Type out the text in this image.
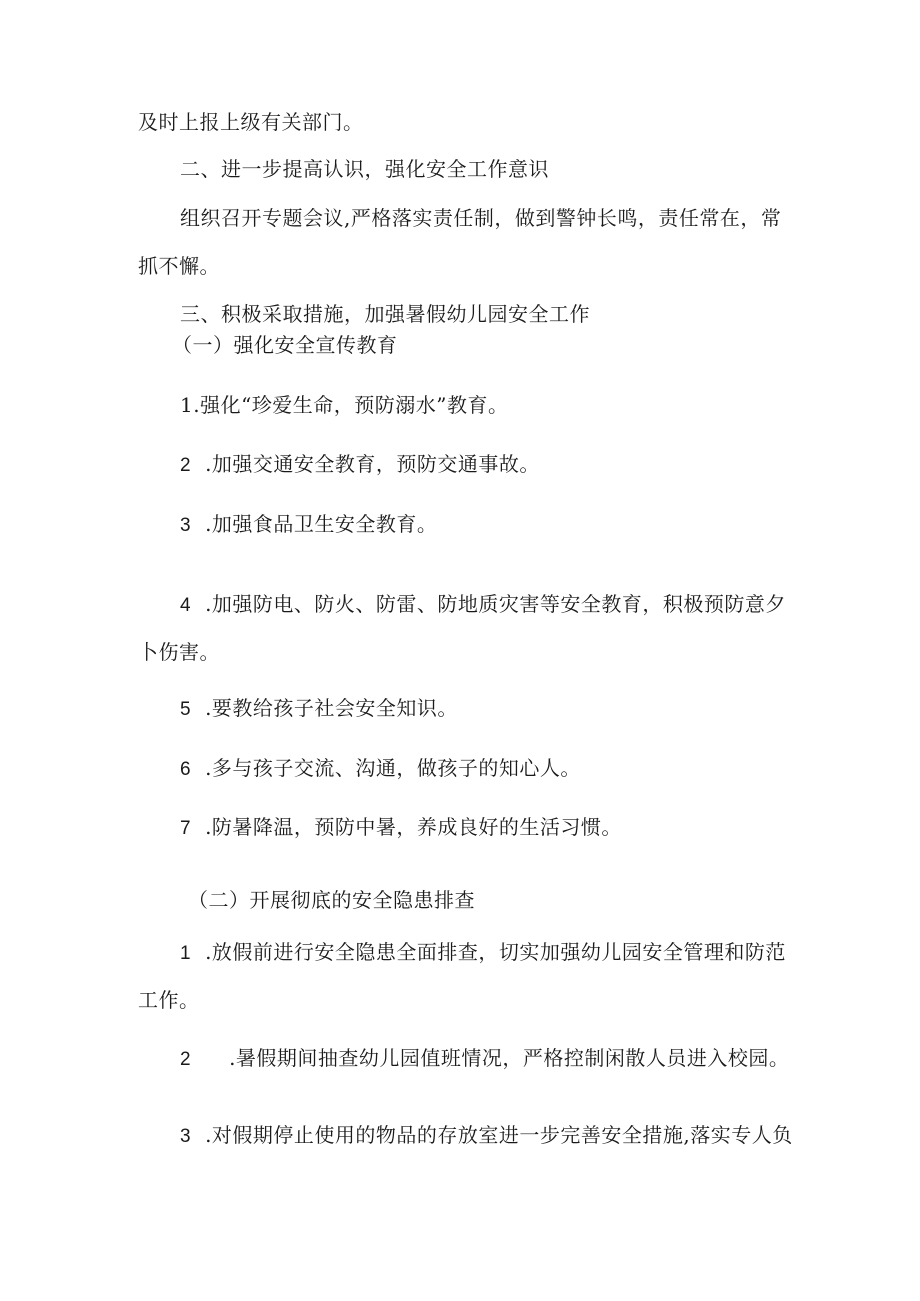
及时上报上级有关部门。
二、进一步提高认识，强化安全工作意识
组织召开专题会议,严格落实责任制，做到警钟长鸣，责任常在，常
抓不懈。
三、积极采取措施，加强暑假幼儿园安全工作
（一）强化安全宣传教育
1.强化“珍爱生命，预防溺水”教育。
2 .加强交通安全教育，预防交通事故。
3 .加强食品卫生安全教育。
4 .加强防电、防火、防雷、防地质灾害等安全教育，积极预防意夕
卜伤害。
5 .要教给孩子社会安全知识。
6 .多与孩子交流、沟通，做孩子的知心人。
7 .防暑降温，预防中暑，养成良好的生活习惯。
（二）开展彻底的安全隐患排查
1 .放假前进行安全隐患全面排查，切实加强幼儿园安全管理和防范
工作。
2 .暑假期间抽查幼儿园值班情况，严格控制闲散人员进入校园。
3 .对假期停止使用的物品的存放室进一步完善安全措施,落实专人负
